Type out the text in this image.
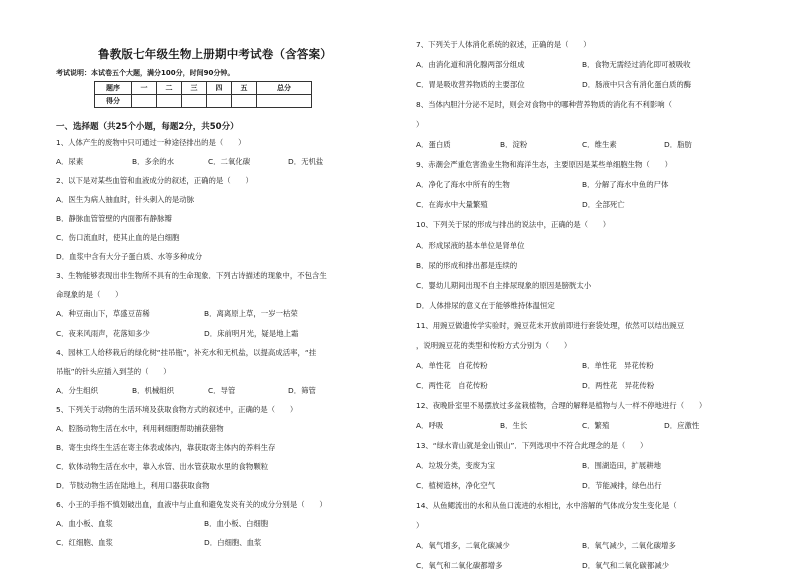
鲁教版七年级生物上册期中考试卷（含答案）
考试说明：本试卷五个大题，满分100分，时间90分钟。
题序	一	二	三	四	五	总分
得分						
一、选择题（共25个小题，每题2分，共50分）
1、人体产生的废物中只可通过一种途径排出的是（　　）
A．尿素	B．多余的水	C．二氧化碳	D．无机盐
2、以下是对某些血管和血液成分的叙述，正确的是（　　）
A．医生为病人抽血时，针头刺入的是动脉
B．静脉血管管壁的内面都有静脉瓣
C．伤口流血时，使其止血的是白细胞
D．血浆中含有大分子蛋白质、水等多种成分
3、生物能够表现出非生物所不具有的生命现象．下列古诗描述的现象中，不包含生
命现象的是（　　）
A．种豆南山下，草盛豆苗稀	B．离离原上草，一岁一枯荣
C．夜来风雨声，花落知多少	D．床前明月光，疑是地上霜
4、园林工人给移栽后的绿化树“挂吊瓶”，补充水和无机盐，以提高成活率，“挂
吊瓶”的针头应插入到茎的（　　）
A．分生组织	B．机械组织	C．导管	D．筛管
5、下列关于动物的生活环境及获取食物方式的叙述中，正确的是（　　）
A．腔肠动物生活在水中，利用刺细胞帮助捕获猎物
B．寄生虫终生生活在寄主体表或体内，靠获取寄主体内的养料生存
C．软体动物生活在水中，靠入水管、出水管获取水里的食物颗粒
D．节肢动物生活在陆地上，利用口器获取食物
6、小王的手指不慎划破出血，血液中与止血和避免发炎有关的成分分别是（　　）
A．血小板、血浆	B．血小板、白细胞
C．红细胞、血浆	D．白细胞、血浆
7、下列关于人体消化系统的叙述，正确的是（　　）
A．由消化道和消化腺两部分组成	B．食物无需经过消化即可被吸收
C．胃是吸收营养物质的主要部位	D．肠液中只含有消化蛋白质的酶
8、当体内胆汁分泌不足时，则会对食物中的哪种营养物质的消化有不利影响（
）
A．蛋白质	B．淀粉	C．维生素	D．脂肪
9、赤潮会严重危害渔业生物和海洋生态，主要原因是某些单细胞生物（　　）
A．净化了海水中所有的生物	B．分解了海水中鱼的尸体
C．在海水中大量繁殖	D．全部死亡
10、下列关于尿的形成与排出的说法中，正确的是（　　）
A．形成尿液的基本单位是肾单位
B．尿的形成和排出都是连续的
C．婴幼儿期间出现不自主排尿现象的原因是膀胱太小
D．人体排尿的意义在于能够维持体温恒定
11、用豌豆做遗传学实验时，豌豆花未开放前即进行套袋处理，依然可以结出豌豆
，说明豌豆花的类型和传粉方式分别为（　　）
A．单性花　自花传粉	B．单性花　异花传粉
C．两性花　自花传粉	D．两性花　异花传粉
12、夜晚卧室里不易摆放过多盆栽植物，合理的解释是植物与人一样不停地进行（　　）
A．呼吸	B．生长	C．繁殖	D．应激性
13、“绿水青山就是金山银山”．下列选项中不符合此理念的是（　　）
A．垃圾分类，变废为宝	B．围湖造田，扩展耕地
C．植树造林，净化空气	D．节能减排，绿色出行
14、从鱼鳃流出的水和从鱼口流进的水相比，水中溶解的气体成分发生变化是（
）
A．氧气增多，二氧化碳减少	B．氧气减少，二氧化碳增多
C．氧气和二氧化碳都增多	D．氧气和二氧化碳都减少
